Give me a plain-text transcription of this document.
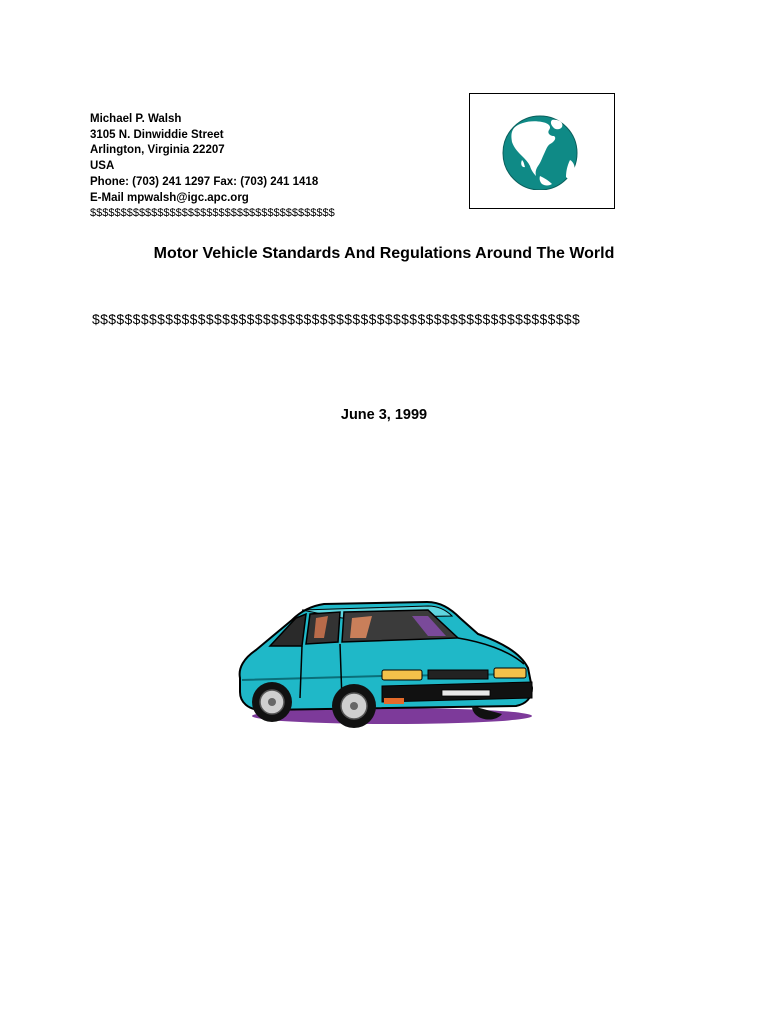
Michael P. Walsh
3105 N. Dinwiddie Street
Arlington, Virginia 22207
USA
Phone: (703) 241 1297 Fax: (703) 241 1418
E-Mail mpwalsh@igc.apc.org
$$$$$$$$$$$$$$$$$$$$$$$$$$$$$$$$$$$$$$$$
Motor Vehicle Standards And Regulations Around The World
$$$$$$$$$$$$$$$$$$$$$$$$$$$$$$$$$$$$$$$$$$$$$$$$$$$$$$$$$$$$
June 3, 1999
